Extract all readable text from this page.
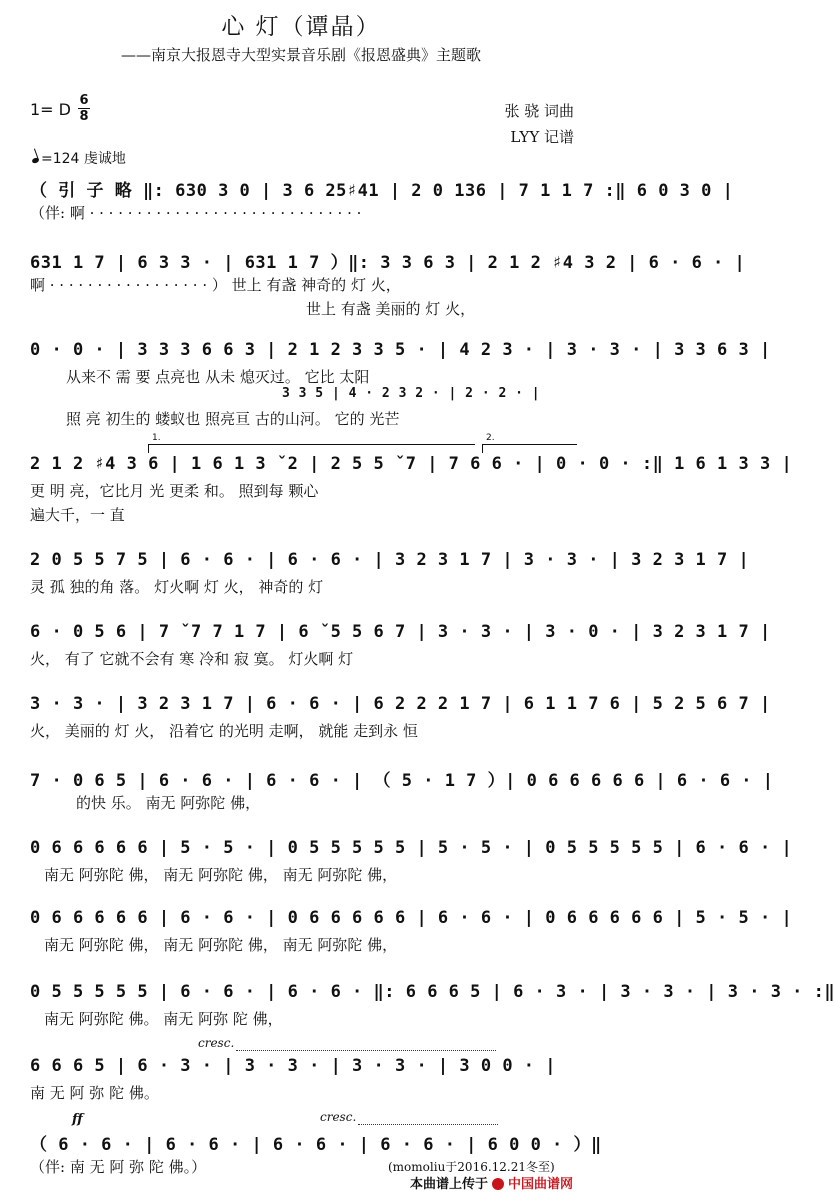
心 灯（谭晶）
——南京大报恩寺大型实景音乐剧《报恩盛典》主题歌
1= D 6
8	张 骁 词曲
LYY 记谱
=124 虔诚地
（ 引 子 略 ‖: 630 3 0 | 3 6 25♯41 | 2 0 136 | 7 1 1 7 :‖ 6 0 3 0 |
（伴: 啊 · · · · · · · · · · · · · · · · · · · · · · · · · · · · ·
631 1 7 | 6 3 3 · | 631 1 7 ）‖: 3 3 6 3 | 2 1 2 ♯4 3 2 | 6 · 6 · |
啊 · · · · · · · · · · · · · · · · · ） 世上 有盏 神奇的 灯 火，
世上 有盏 美丽的 灯 火，
0 · 0 · | 3 3 3 6 6 3 | 2 1 2 3 3 5 · | 4 2 3 · | 3 · 3 · | 3 3 6 3 |
从来不 需 要 点亮也 从未 熄灭过。 它比 太阳
3 3 5 | 4 · 2 3 2 · | 2 · 2 · |
照 亮 初生的 蝼蚁也 照亮亘 古的山河。 它的 光芒
1.	2.
2 1 2 ♯4 3 6 | 1 6 1 3 ˇ2 | 2 5 5 ˇ7 | 7 6 6 · | 0 · 0 · :‖ 1 6 1 3 3 |
更 明 亮，它比月 光 更柔 和。 照到每 颗心
遍大千，一 直
2 0 5 5 7 5 | 6 · 6 · | 6 · 6 · | 3 2 3 1 7 | 3 · 3 · | 3 2 3 1 7 |
灵 孤 独的角 落。 灯火啊 灯 火， 神奇的 灯
6 · 0 5 6 | 7 ˇ7 7 1 7 | 6 ˇ5 5 6 7 | 3 · 3 · | 3 · 0 · | 3 2 3 1 7 |
火， 有了 它就不会有 寒 冷和 寂 寞。 灯火啊 灯
3 · 3 · | 3 2 3 1 7 | 6 · 6 · | 6 2 2 2 1 7 | 6 1 1 7 6 | 5 2 5 6 7 |
火， 美丽的 灯 火， 沿着它 的光明 走啊， 就能 走到永 恒
7 · 0 6 5 | 6 · 6 · | 6 · 6 · | （ 5 · 1 7 ）| 0 6 6 6 6 6 | 6 · 6 · |
的快 乐。 南无 阿弥陀 佛，
0 6 6 6 6 6 | 5 · 5 · | 0 5 5 5 5 5 | 5 · 5 · | 0 5 5 5 5 5 | 6 · 6 · |
南无 阿弥陀 佛， 南无 阿弥陀 佛， 南无 阿弥陀 佛，
0 6 6 6 6 6 | 6 · 6 · | 0 6 6 6 6 6 | 6 · 6 · | 0 6 6 6 6 6 | 5 · 5 · |
南无 阿弥陀 佛， 南无 阿弥陀 佛， 南无 阿弥陀 佛，
0 5 5 5 5 5 | 6 · 6 · | 6 · 6 · ‖: 6 6 6 5 | 6 · 3 · | 3 · 3 · | 3 · 3 · :‖
南无 阿弥陀 佛。 南无 阿弥 陀 佛，
cresc.
6 6 6 5 | 6 · 3 · | 3 · 3 · | 3 · 3 · | 3 0 0 · |
南 无 阿 弥 陀 佛。
ff	cresc.
（ 6 · 6 · | 6 · 6 · | 6 · 6 · | 6 · 6 · | 6 0 0 · ）‖
（伴: 南 无 阿 弥 陀 佛。）	(momoliu于2016.12.21冬至)
本曲谱上传于 中国曲谱网
